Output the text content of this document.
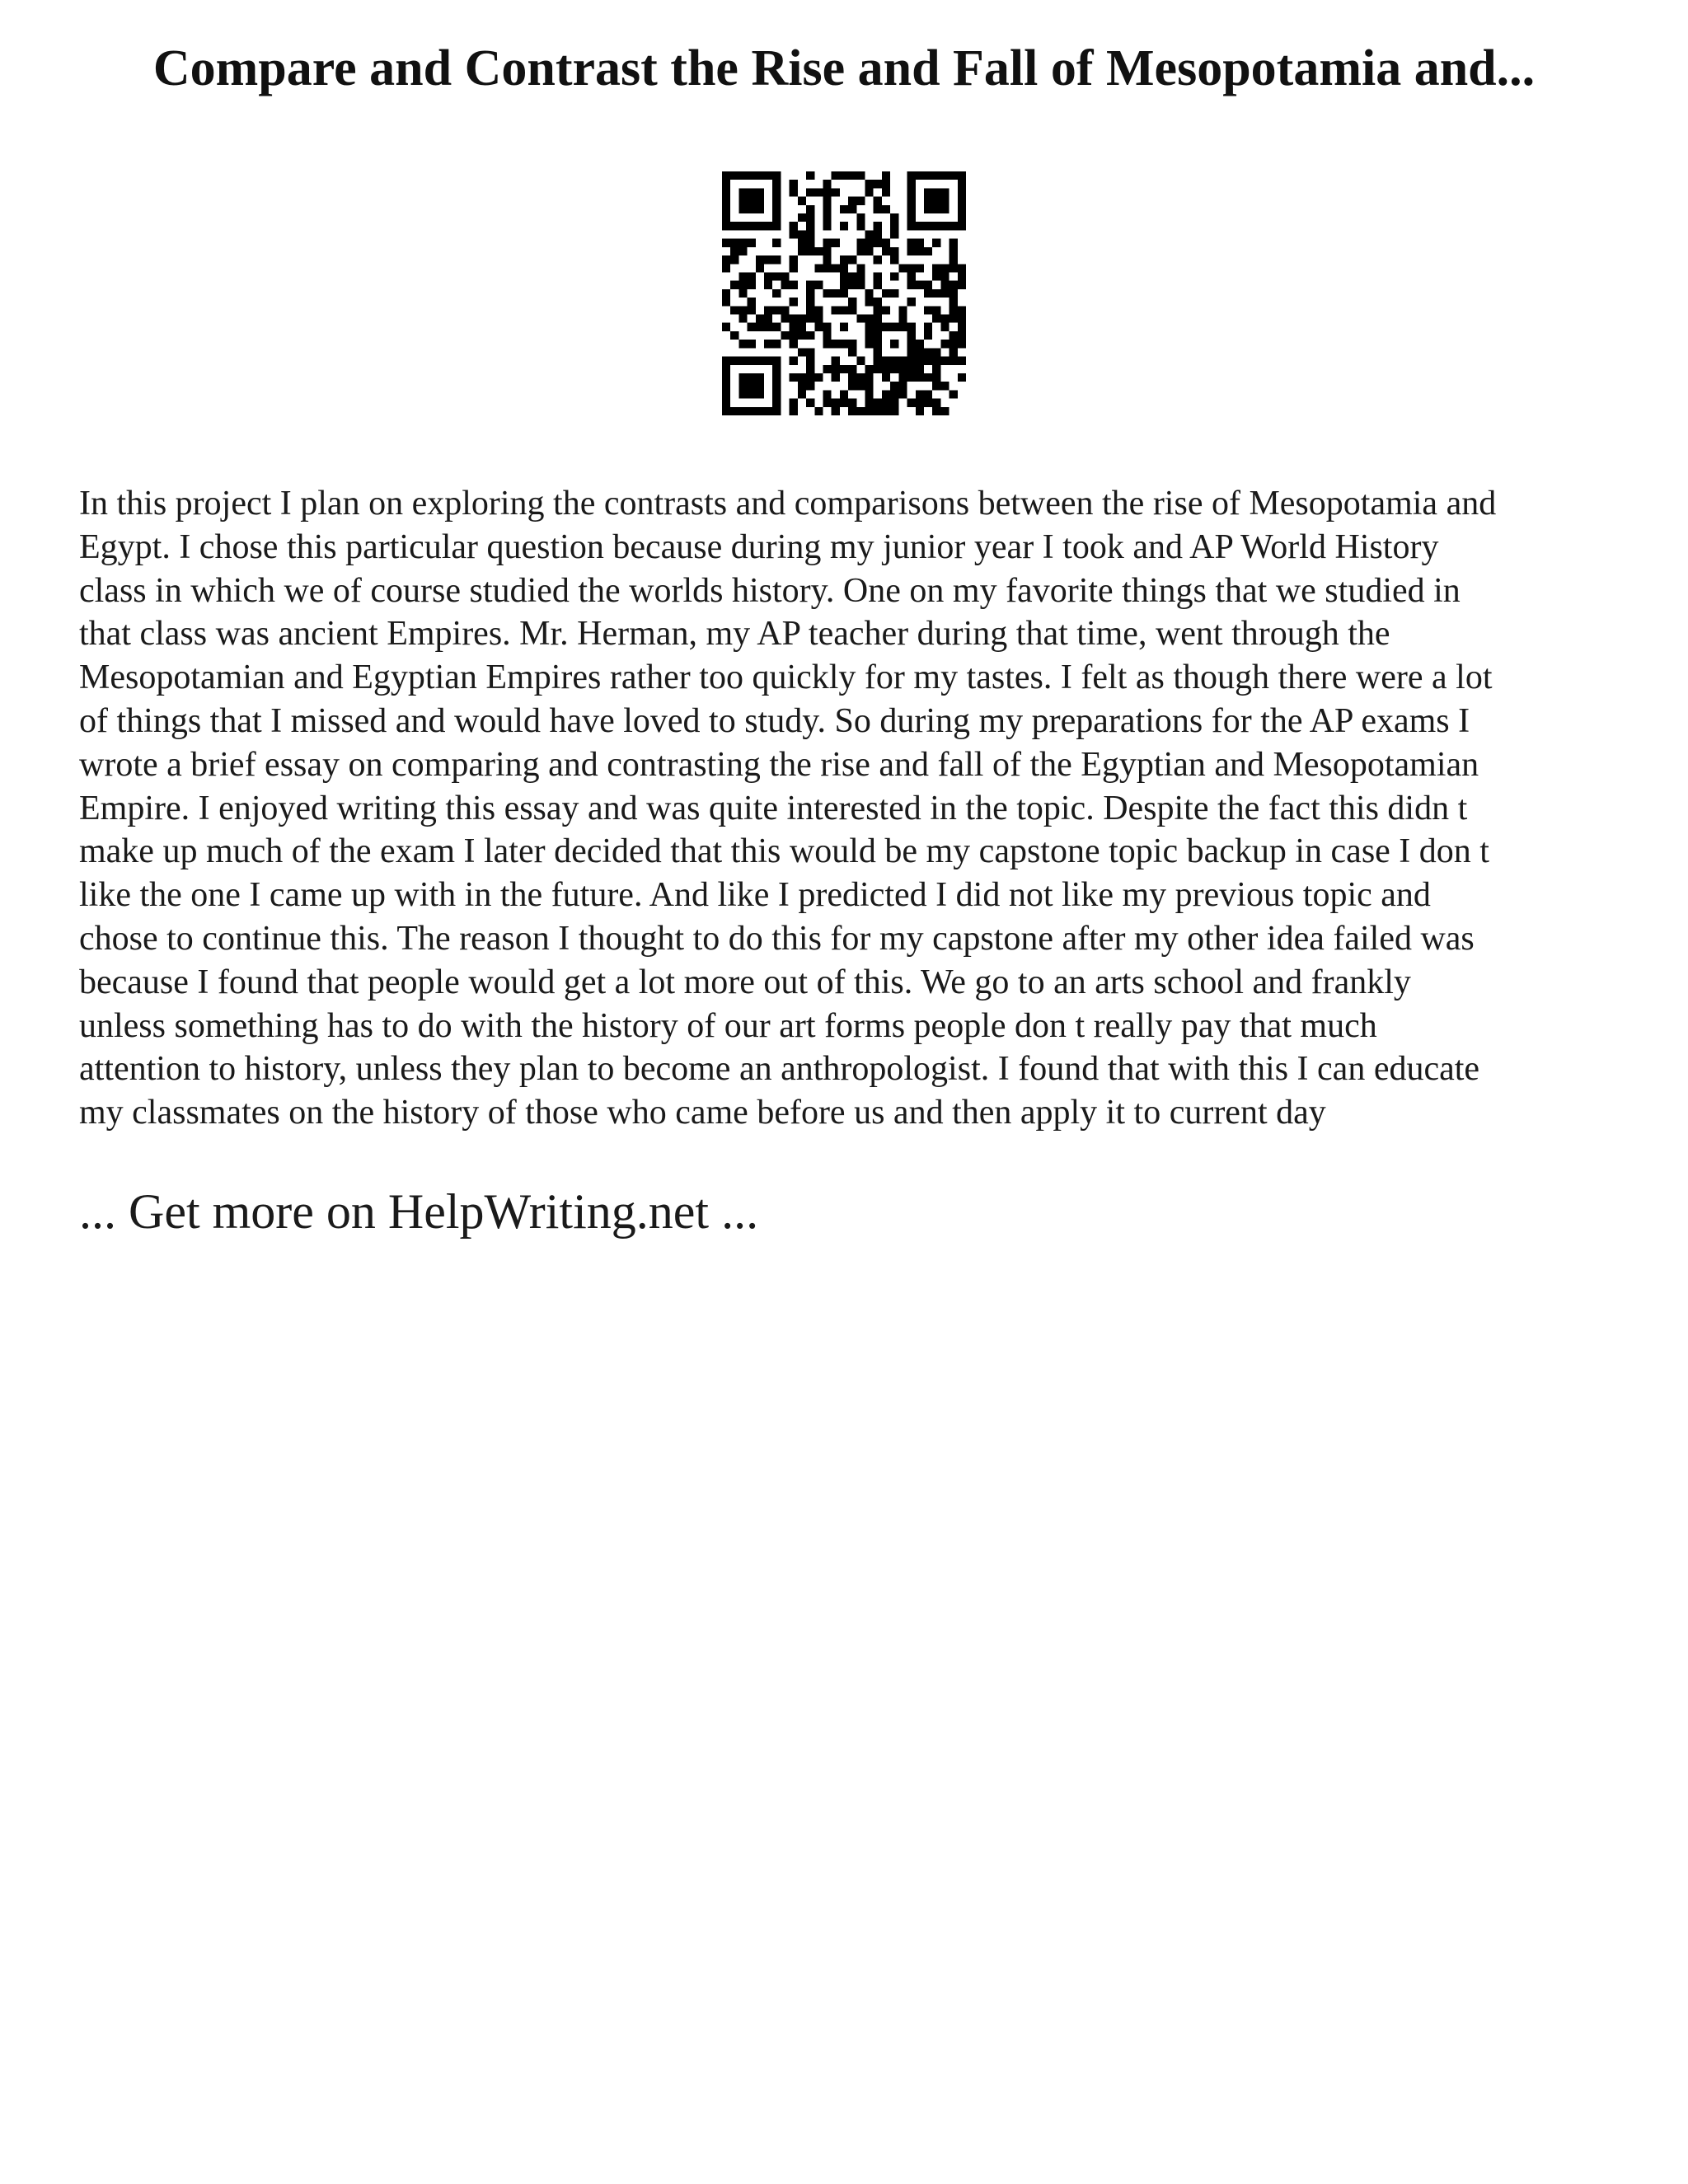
Compare and Contrast the Rise and Fall of Mesopotamia and...
In this project I plan on exploring the contrasts and comparisons between the rise of Mesopotamia and
Egypt. I chose this particular question because during my junior year I took and AP World History
class in which we of course studied the worlds history. One on my favorite things that we studied in
that class was ancient Empires. Mr. Herman, my AP teacher during that time, went through the
Mesopotamian and Egyptian Empires rather too quickly for my tastes. I felt as though there were a lot
of things that I missed and would have loved to study. So during my preparations for the AP exams I
wrote a brief essay on comparing and contrasting the rise and fall of the Egyptian and Mesopotamian
Empire. I enjoyed writing this essay and was quite interested in the topic. Despite the fact this didn t
make up much of the exam I later decided that this would be my capstone topic backup in case I don t
like the one I came up with in the future. And like I predicted I did not like my previous topic and
chose to continue this. The reason I thought to do this for my capstone after my other idea failed was
because I found that people would get a lot more out of this. We go to an arts school and frankly
unless something has to do with the history of our art forms people don t really pay that much
attention to history, unless they plan to become an anthropologist. I found that with this I can educate
my classmates on the history of those who came before us and then apply it to current day
... Get more on HelpWriting.net ...
